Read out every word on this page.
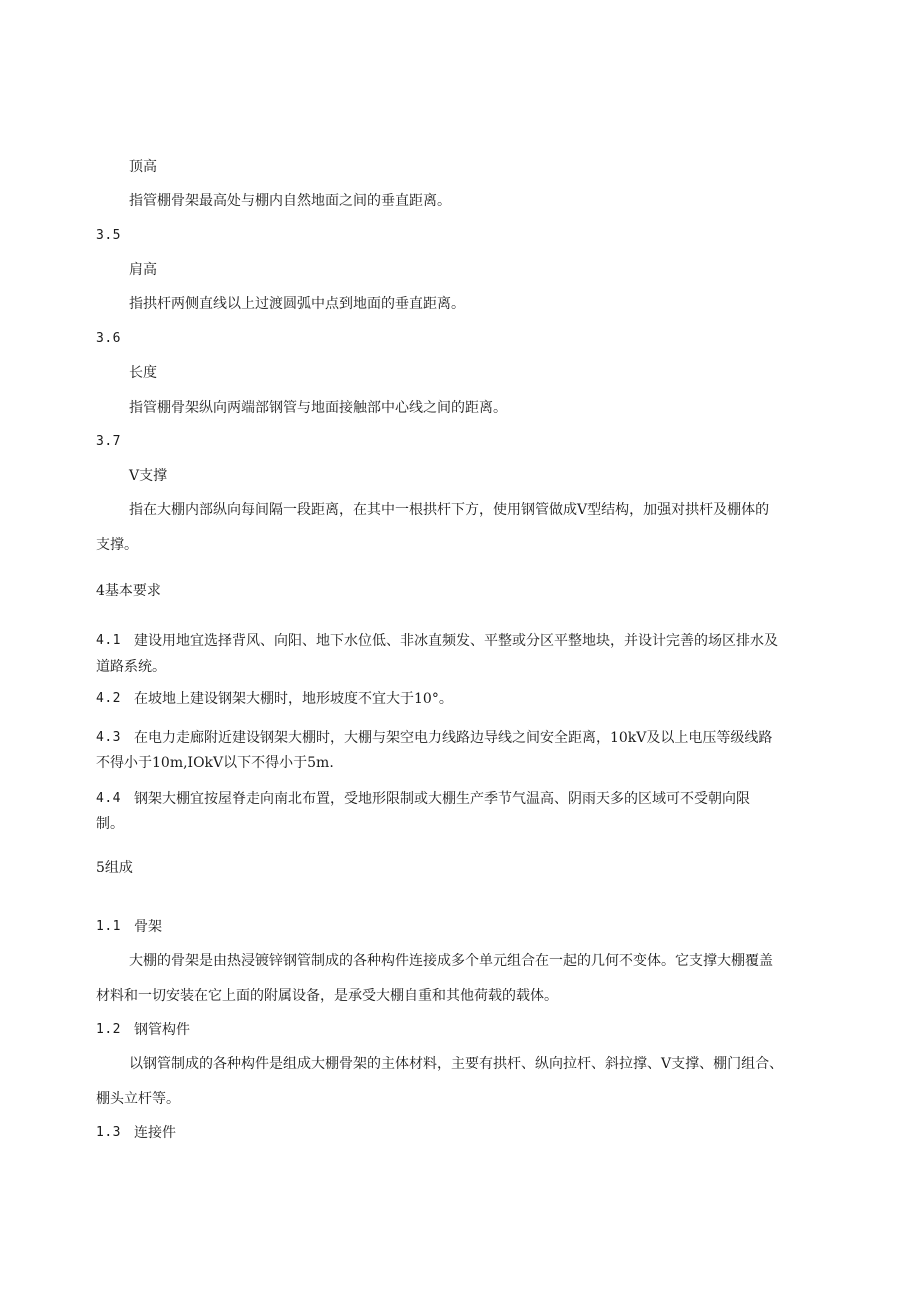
顶高
指管棚骨架最高处与棚内自然地面之间的垂直距离。
3.5
肩高
指拱杆两侧直线以上过渡圆弧中点到地面的垂直距离。
3.6
长度
指管棚骨架纵向两端部钢管与地面接触部中心线之间的距离。
3.7
V支撑
指在大棚内部纵向每间隔一段距离，在其中一根拱杆下方，使用钢管做成V型结构，加强对拱杆及棚体的
支撑。
4基本要求
4.1 建设用地宜选择背风、向阳、地下水位低、非冰直频发、平整或分区平整地块，并设计完善的场区排水及
道路系统。
4.2 在坡地上建设钢架大棚时，地形坡度不宜大于10°。
4.3 在电力走廊附近建设钢架大棚时，大棚与架空电力线路边导线之间安全距离，10kV及以上电压等级线路
不得小于10m,IOkV以下不得小于5m.
4.4 钢架大棚宜按屋脊走向南北布置，受地形限制或大棚生产季节气温高、阴雨天多的区域可不受朝向限
制。
5组成
1.1 骨架
大棚的骨架是由热浸镀锌钢管制成的各种构件连接成多个单元组合在一起的几何不变体。它支撑大棚覆盖
材料和一切安装在它上面的附属设备，是承受大棚自重和其他荷载的载体。
1.2 钢管构件
以钢管制成的各种构件是组成大棚骨架的主体材料，主要有拱杆、纵向拉杆、斜拉撑、V支撑、棚门组合、
棚头立杆等。
1.3 连接件
